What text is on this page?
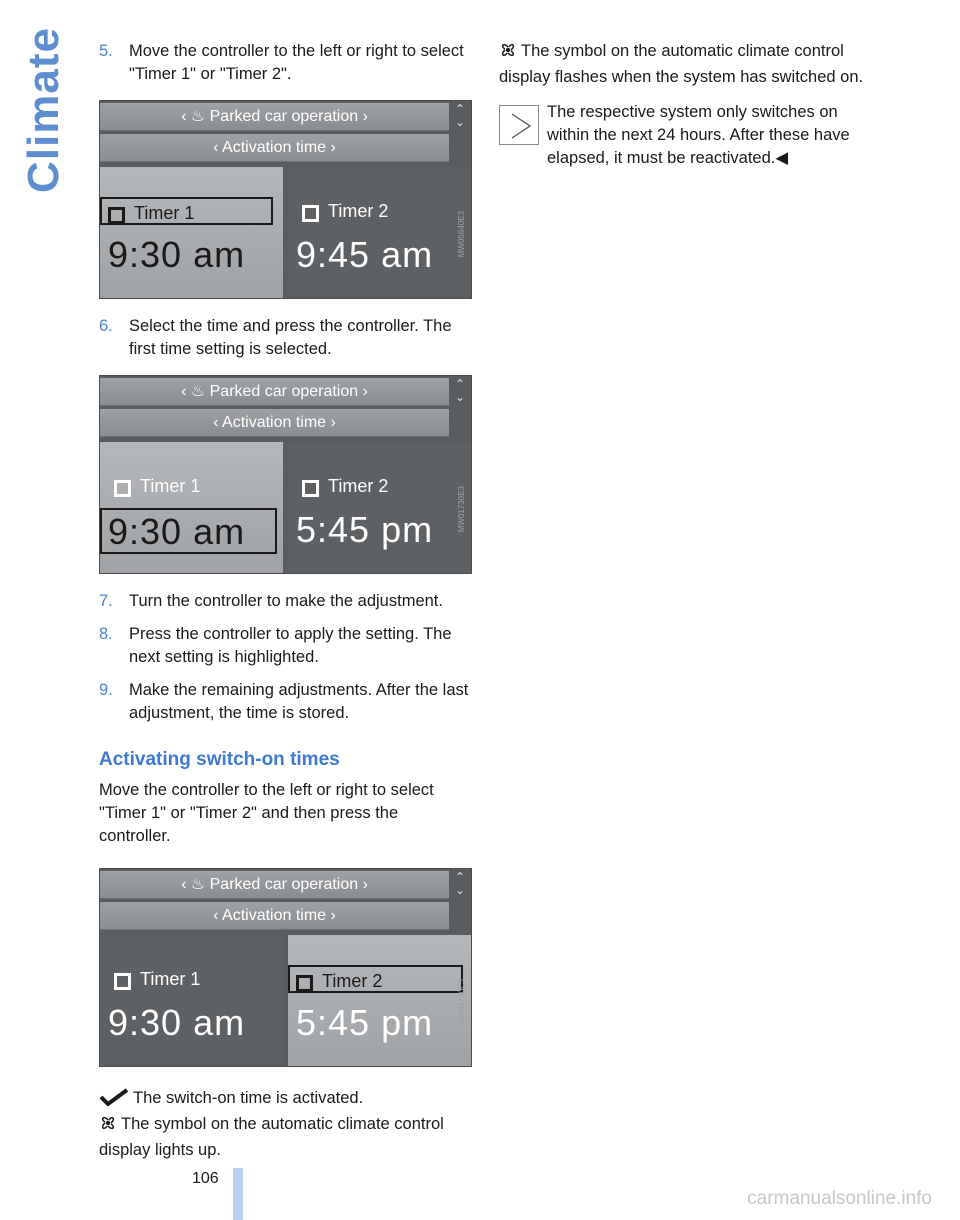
Climate 5. Move the controller to the left or right to select "Timer 1" or "Timer 2".
‹ ♨ Parked car operation ›	⌃
⌄
‹ Activation time ›
Timer 1
9:30 am
Timer 2
9:45 am	MW05640E3
6. Select the time and press the controller. The first time setting is selected.
‹ ♨ Parked car operation ›	⌃
⌄
‹ Activation time ›
Timer 1
9:30 am
Timer 2
5:45 pm	MW01730E3
7. Turn the controller to make the adjustment.
8. Press the controller to apply the setting. The next setting is highlighted.
9. Make the remaining adjustments. After the last adjustment, the time is stored.
Activating switch-on times

Move the controller to the left or right to select "Timer 1" or "Timer 2" and then press the controller.

‹ ♨ Parked car operation ›	⌃
⌄
‹ Activation time ›
Timer 1
9:30 am
Timer 2
5:45 pm	MW01720E3

The switch-on time is activated.

The symbol on the automatic climate control display lights up.

The symbol on the automatic climate control display flashes when the system has switched on.

The respective system only switches on within the next 24 hours. After these have elapsed, it must be reactivated.◀
106
carmanualsonline.info
